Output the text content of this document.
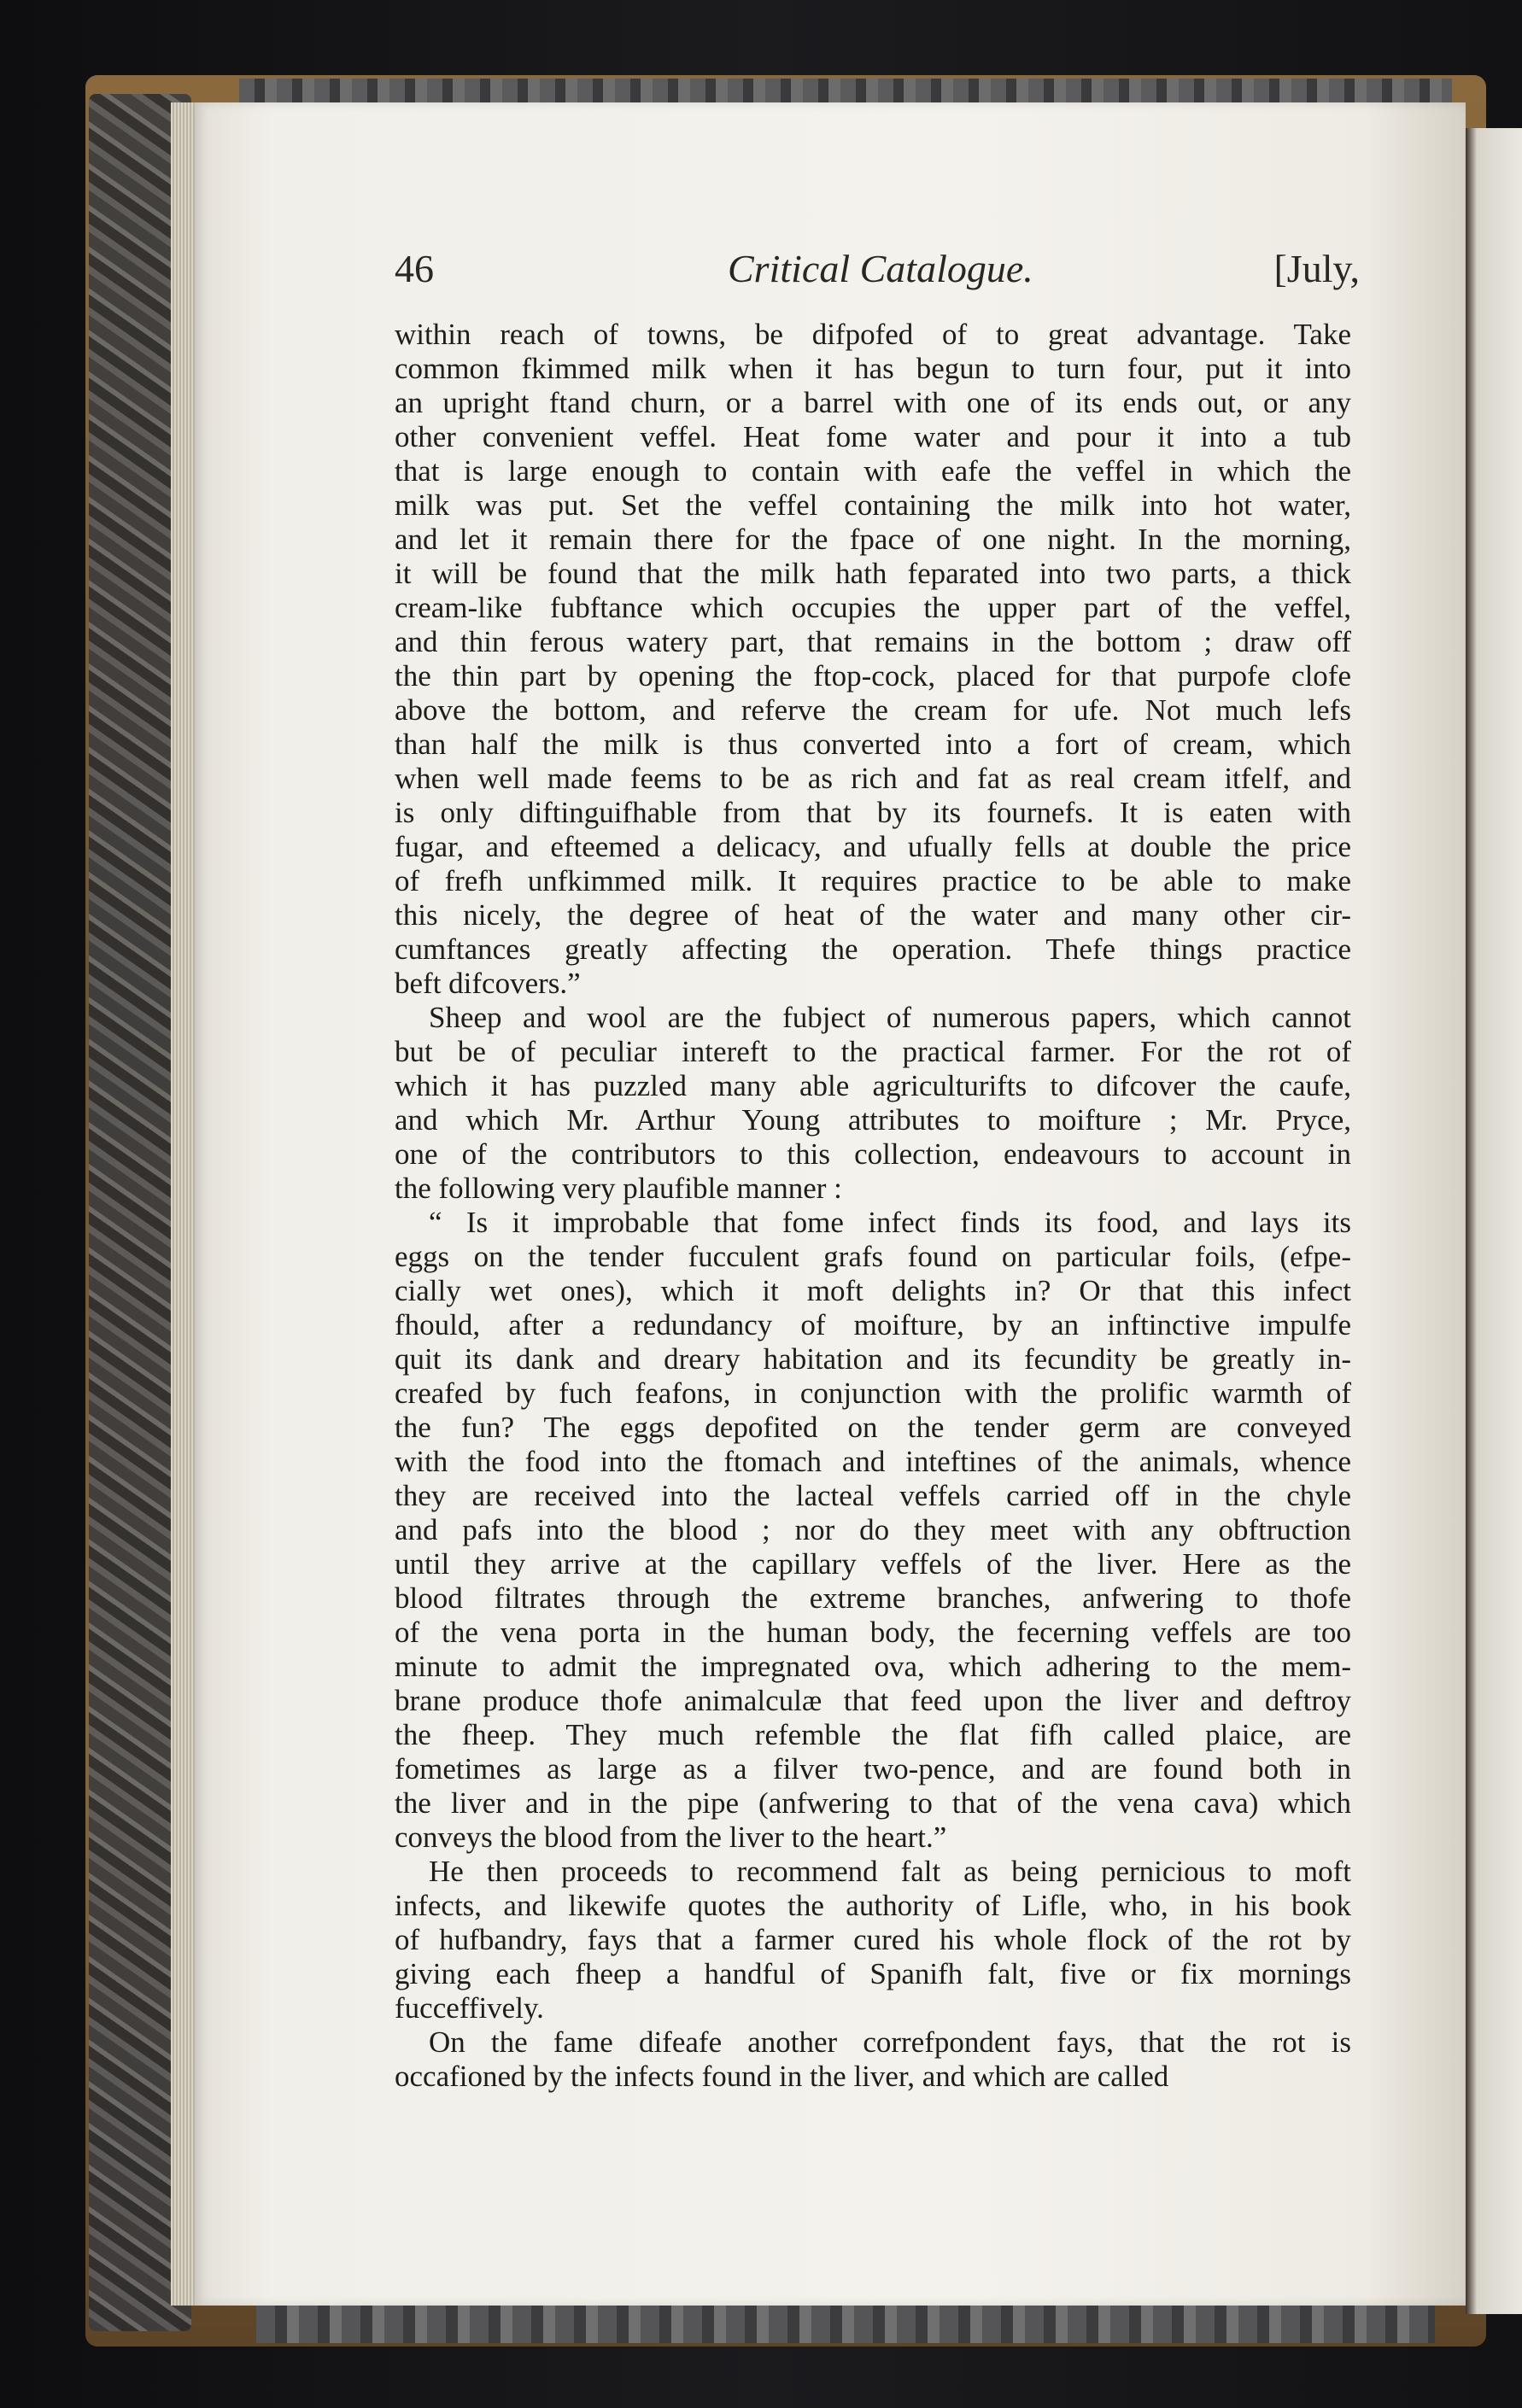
46	Critical Catalogue.	[July,
within reach of towns, be difpofed of to great advantage. Take
common fkimmed milk when it has begun to turn four, put it into
an upright ftand churn, or a barrel with one of its ends out, or any
other convenient veffel. Heat fome water and pour it into a tub
that is large enough to contain with eafe the veffel in which the
milk was put. Set the veffel containing the milk into hot water,
and let it remain there for the fpace of one night. In the morning,
it will be found that the milk hath feparated into two parts, a thick
cream-like fubftance which occupies the upper part of the veffel,
and thin ferous watery part, that remains in the bottom ; draw off
the thin part by opening the ftop-cock, placed for that purpofe clofe
above the bottom, and referve the cream for ufe. Not much lefs
than half the milk is thus converted into a fort of cream, which
when well made feems to be as rich and fat as real cream itfelf, and
is only diftinguifhable from that by its fournefs. It is eaten with
fugar, and efteemed a delicacy, and ufually fells at double the price
of frefh unfkimmed milk. It requires practice to be able to make
this nicely, the degree of heat of the water and many other cir-
cumftances greatly affecting the operation. Thefe things practice
beft difcovers.”
Sheep and wool are the fubject of numerous papers, which cannot
but be of peculiar intereft to the practical farmer. For the rot of
which it has puzzled many able agriculturifts to difcover the caufe,
and which Mr. Arthur Young attributes to moifture ; Mr. Pryce,
one of the contributors to this collection, endeavours to account in
the following very plaufible manner :
“ Is it improbable that fome infect finds its food, and lays its
eggs on the tender fucculent grafs found on particular foils, (efpe-
cially wet ones), which it moft delights in? Or that this infect
fhould, after a redundancy of moifture, by an inftinctive impulfe
quit its dank and dreary habitation and its fecundity be greatly in-
creafed by fuch feafons, in conjunction with the prolific warmth of
the fun? The eggs depofited on the tender germ are conveyed
with the food into the ftomach and inteftines of the animals, whence
they are received into the lacteal veffels carried off in the chyle
and pafs into the blood ; nor do they meet with any obftruction
until they arrive at the capillary veffels of the liver. Here as the
blood filtrates through the extreme branches, anfwering to thofe
of the vena porta in the human body, the fecerning veffels are too
minute to admit the impregnated ova, which adhering to the mem-
brane produce thofe animalculæ that feed upon the liver and deftroy
the fheep. They much refemble the flat fifh called plaice, are
fometimes as large as a filver two-pence, and are found both in
the liver and in the pipe (anfwering to that of the vena cava) which
conveys the blood from the liver to the heart.”
He then proceeds to recommend falt as being pernicious to moft
infects, and likewife quotes the authority of Lifle, who, in his book
of hufbandry, fays that a farmer cured his whole flock of the rot by
giving each fheep a handful of Spanifh falt, five or fix mornings
fucceffively.
On the fame difeafe another correfpondent fays, that the rot is
occafioned by the infects found in the liver, and which are called
